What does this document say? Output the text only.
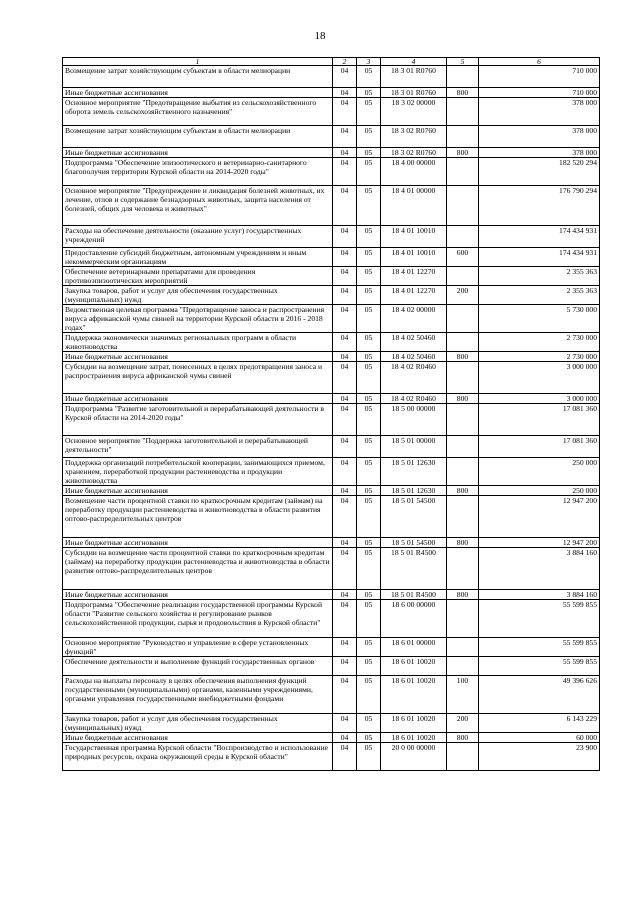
18
1	2	3	4	5	6
Возмещение затрат хозяйствующим субъектам в области мелиорации	04	05	18 3 01 R0760		710 000
Иные бюджетные ассигнования	04	05	18 3 01 R0760	800	710 000
Основное мероприятие "Предотвращение выбытия из сельскохозяйственного оборота земель сельскохозяйственного назначения"	04	05	18 3 02 00000		378 000
Возмещение затрат хозяйствующим субъектам в области мелиорации	04	05	18 3 02 R0760		378 000
Иные бюджетные ассигнования	04	05	18 3 02 R0760	800	378 000
Подпрограмма "Обеспечение эпизоотического и ветеринарно-санитарного благополучия территории Курской области на 2014-2020 годы"	04	05	18 4 00 00000		182 520 294
Основное мероприятие "Предупреждение и ликвидация болезней животных, их лечение, отлов и содержание безнадзорных животных, защита населения от болезней, общих для человека и животных"	04	05	18 4 01 00000		176 790 294
Расходы на обеспечение деятельности (оказание услуг) государственных учреждений	04	05	18 4 01 10010		174 434 931
Предоставление субсидий бюджетным, автономным учреждениям и иным некоммерческим организациям	04	05	18 4 01 10010	600	174 434 931
Обеспечение ветеринарными препаратами для проведения противоэпизоотических мероприятий	04	05	18 4 01 12270		2 355 363
Закупка товаров, работ и услуг для обеспечения государственных (муниципальных) нужд	04	05	18 4 01 12270	200	2 355 363
Ведомственная целевая программа "Предотвращение заноса и распространения вируса африканской чумы свиней на территории Курской области в 2016 - 2018 годах"	04	05	18 4 02 00000		5 730 000
Поддержка экономически значимых региональных программ в области животноводства	04	05	18 4 02 50460		2 730 000
Иные бюджетные ассигнования	04	05	18 4 02 50460	800	2 730 000
Субсидии на возмещение затрат, понесенных в целях предотвращения заноса и распространения вируса африканской чумы свиней	04	05	18 4 02 R0460		3 000 000
Иные бюджетные ассигнования	04	05	18 4 02 R0460	800	3 000 000
Подпрограмма "Развитие заготовительной и перерабатывающей деятельности в Курской области на 2014-2020 годы"	04	05	18 5 00 00000		17 081 360
Основное мероприятие "Поддержка заготовительной и перерабатывающей деятельности"	04	05	18 5 01 00000		17 081 360
Поддержка организаций потребительской кооперации, занимающихся приемом, хранением, переработкой продукции растениеводства и продукции животноводства	04	05	18 5 01 12630		250 000
Иные бюджетные ассигнования	04	05	18 5 01 12630	800	250 000
Возмещение части процентной ставки по краткосрочным кредитам (займам) на переработку продукции растениеводства и животноводства в области развития оптово-распределительных центров	04	05	18 5 01 54500		12 947 200
Иные бюджетные ассигнования	04	05	18 5 01 54500	800	12 947 200
Субсидии на возмещение части процентной ставки по краткосрочным кредитам (займам) на переработку продукции растениеводства и животноводства в области развития оптово-распределительных центров	04	05	18 5 01 R4500		3 884 160
Иные бюджетные ассигнования	04	05	18 5 01 R4500	800	3 884 160
Подпрограмма "Обеспечение реализации государственной программы Курской области "Развитие сельского хозяйства и регулирование рынков сельскохозяйственной продукции, сырья и продовольствия в Курской области"	04	05	18 6 00 00000		55 599 855
Основное мероприятие "Руководство и управление в сфере установленных функций"	04	05	18 6 01 00000		55 599 855
Обеспечение деятельности и выполнение функций государственных органов	04	05	18 6 01 10020		55 599 855
Расходы на выплаты персоналу в целях обеспечения выполнения функций государственными (муниципальными) органами, казенными учреждениями, органами управления государственными внебюджетными фондами	04	05	18 6 01 10020	100	49 396 626
Закупка товаров, работ и услуг для обеспечения государственных (муниципальных) нужд	04	05	18 6 01 10020	200	6 143 229
Иные бюджетные ассигнования	04	05	18 6 01 10020	800	60 000
Государственная программа Курской области "Воспроизводство и использование природных ресурсов, охрана окружающей среды в Курской области"	04	05	20 0 00 00000		23 900
